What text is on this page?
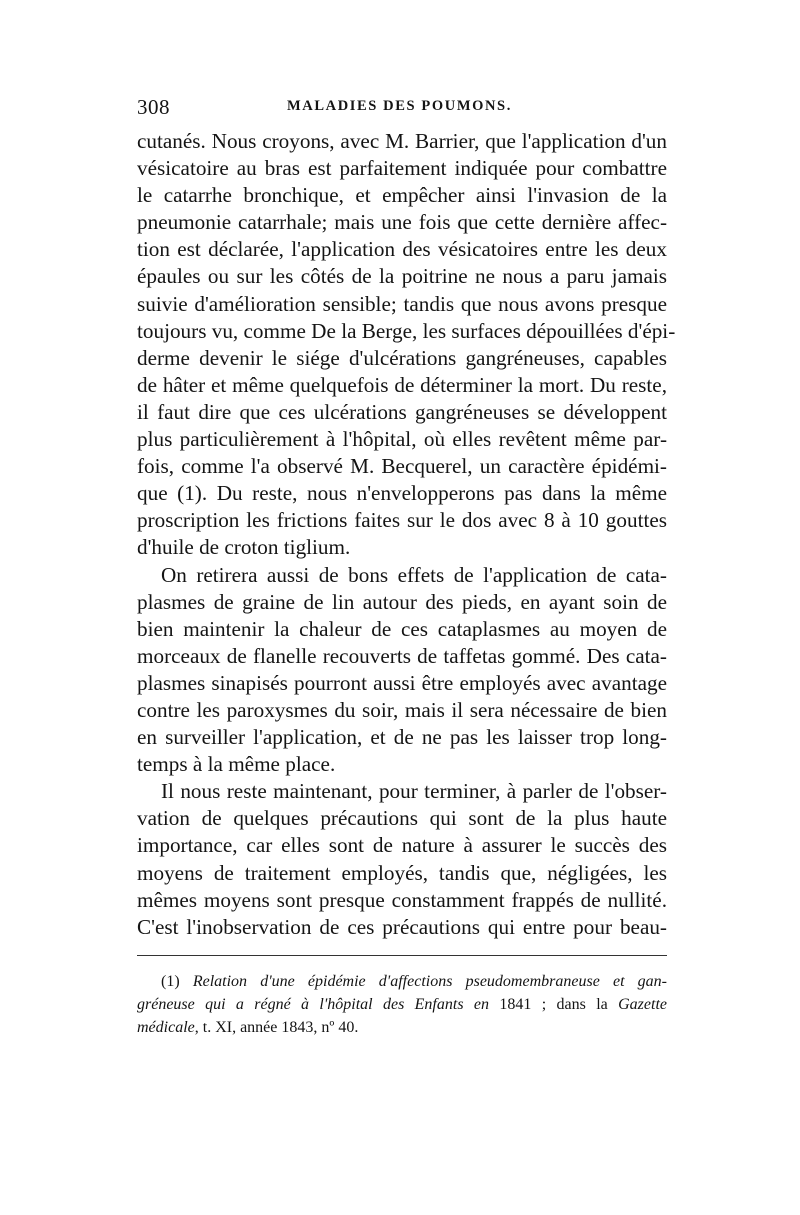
308	MALADIES DES POUMONS.
cutanés. Nous croyons, avec M. Barrier, que l'application d'un
vésicatoire au bras est parfaitement indiquée pour combattre
le catarrhe bronchique, et empêcher ainsi l'invasion de la
pneumonie catarrhale; mais une fois que cette dernière affec-
tion est déclarée, l'application des vésicatoires entre les deux
épaules ou sur les côtés de la poitrine ne nous a paru jamais
suivie d'amélioration sensible; tandis que nous avons presque
toujours vu, comme De la Berge, les surfaces dépouillées d'épi-
derme devenir le siége d'ulcérations gangréneuses, capables
de hâter et même quelquefois de déterminer la mort. Du reste,
il faut dire que ces ulcérations gangréneuses se développent
plus particulièrement à l'hôpital, où elles revêtent même par-
fois, comme l'a observé M. Becquerel, un caractère épidémi-
que (1). Du reste, nous n'envelopperons pas dans la même
proscription les frictions faites sur le dos avec 8 à 10 gouttes
d'huile de croton tiglium.
On retirera aussi de bons effets de l'application de cata-
plasmes de graine de lin autour des pieds, en ayant soin de
bien maintenir la chaleur de ces cataplasmes au moyen de
morceaux de flanelle recouverts de taffetas gommé. Des cata-
plasmes sinapisés pourront aussi être employés avec avantage
contre les paroxysmes du soir, mais il sera nécessaire de bien
en surveiller l'application, et de ne pas les laisser trop long-
temps à la même place.
Il nous reste maintenant, pour terminer, à parler de l'obser-
vation de quelques précautions qui sont de la plus haute
importance, car elles sont de nature à assurer le succès des
moyens de traitement employés, tandis que, négligées, les
mêmes moyens sont presque constamment frappés de nullité.
C'est l'inobservation de ces précautions qui entre pour beau-
(1) Relation d'une épidémie d'affections pseudomembraneuse et gan-
gréneuse qui a régné à l'hôpital des Enfants en 1841 ; dans la Gazette
médicale, t. XI, année 1843, nº 40.
